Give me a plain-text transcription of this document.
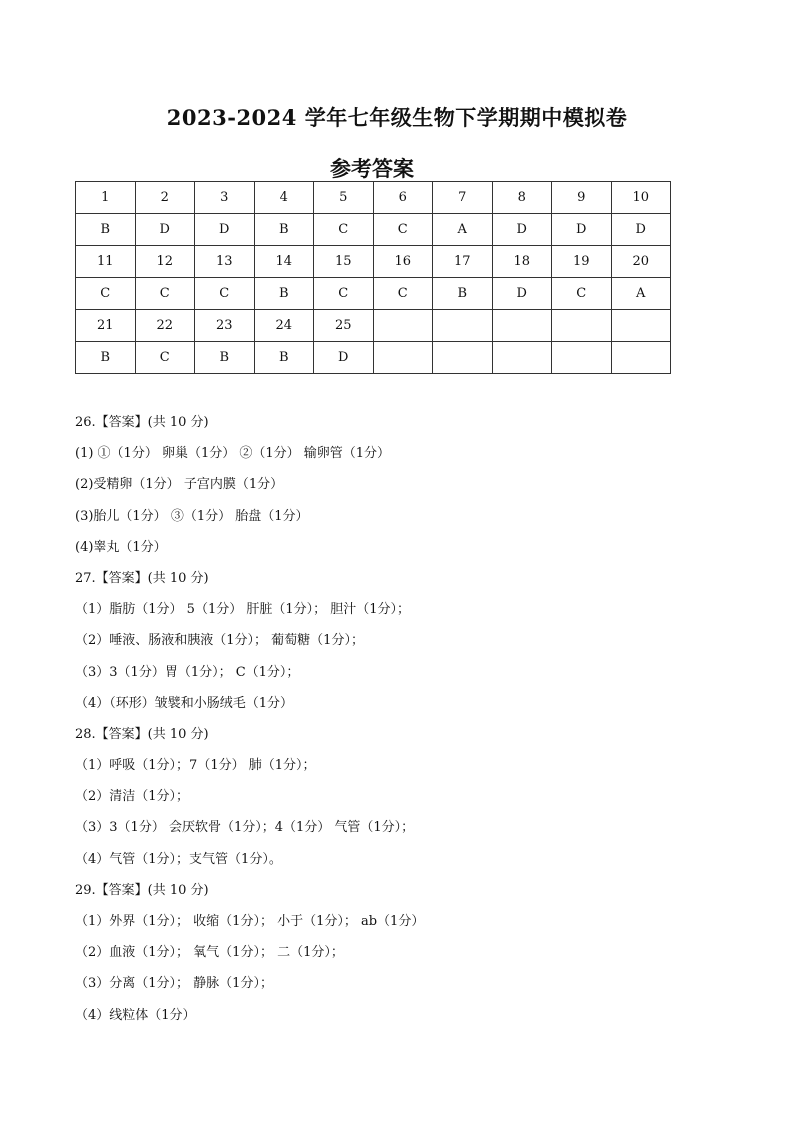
2023-2024 学年七年级生物下学期期中模拟卷
参考答案
1	2	3	4	5	6	7	8	9	10
B	D	D	B	C	C	A	D	D	D
11	12	13	14	15	16	17	18	19	20
C	C	C	B	C	C	B	D	C	A
21	22	23	24	25					
B	C	B	B	D					
26.【答案】(共 10 分)
(1) ①（1分） 卵巢（1分） ②（1分） 输卵管（1分）
(2)受精卵（1分） 子宫内膜（1分）
(3)胎儿（1分） ③（1分） 胎盘（1分）
(4)睾丸（1分）
27.【答案】(共 10 分)
（1）脂肪（1分） 5（1分） 肝脏（1分）； 胆汁（1分）；
（2）唾液、肠液和胰液（1分）； 葡萄糖（1分）；
（3）3（1分）胃（1分）； C（1分）；
（4）（环形）皱襞和小肠绒毛（1分）
28.【答案】(共 10 分)
（1）呼吸（1分）；7（1分） 肺（1分）；
（2）清洁（1分）；
（3）3（1分） 会厌软骨（1分）；4（1分） 气管（1分）；
（4）气管（1分）；支气管（1分）。
29.【答案】(共 10 分)
（1）外界（1分）； 收缩（1分）； 小于（1分）； ab（1分）
（2）血液（1分）； 氧气（1分）； 二（1分）；
（3）分离（1分）； 静脉（1分）；
（4）线粒体（1分）
